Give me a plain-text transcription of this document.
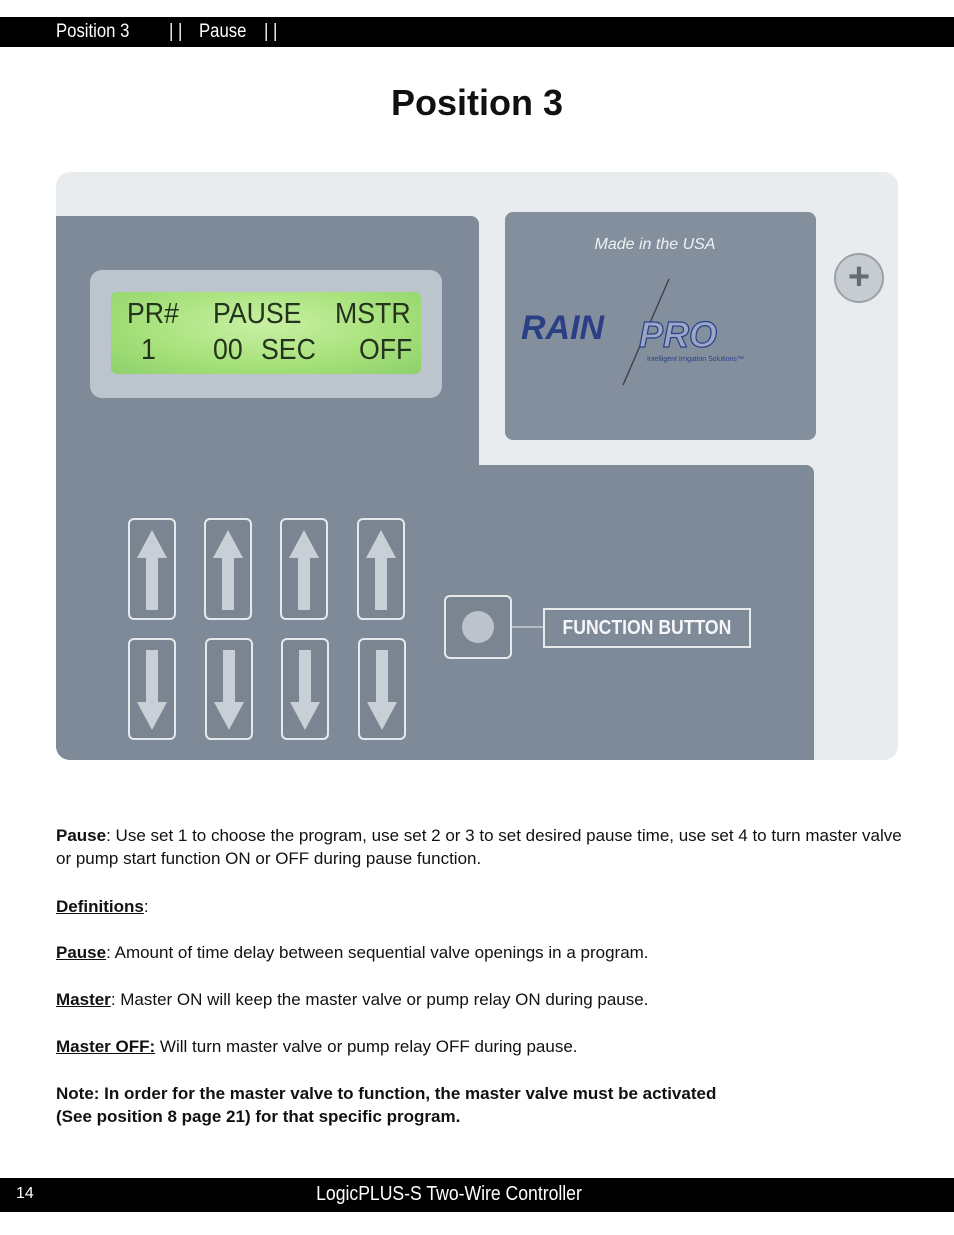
Position 3 | | Pause | |
Position 3
Made in the USA
RAIN PRO
Intelligent Irrigation Solutions™
+
PR# PAUSE MSTR
1 00 SEC OFF
FUNCTION BUTTON
Pause: Use set 1 to choose the program, use set 2 or 3 to set desired pause time, use set 4 to turn master valve or pump start function ON or OFF during pause function.
Definitions:
Pause: Amount of time delay between sequential valve openings in a program.
Master: Master ON will keep the master valve or pump relay ON during pause.
Master OFF: Will turn master valve or pump relay OFF during pause.
Note: In order for the master valve to function, the master valve must be activated
(See position 8 page 21) for that specific program.
14	LogicPLUS-S Two-Wire Controller
